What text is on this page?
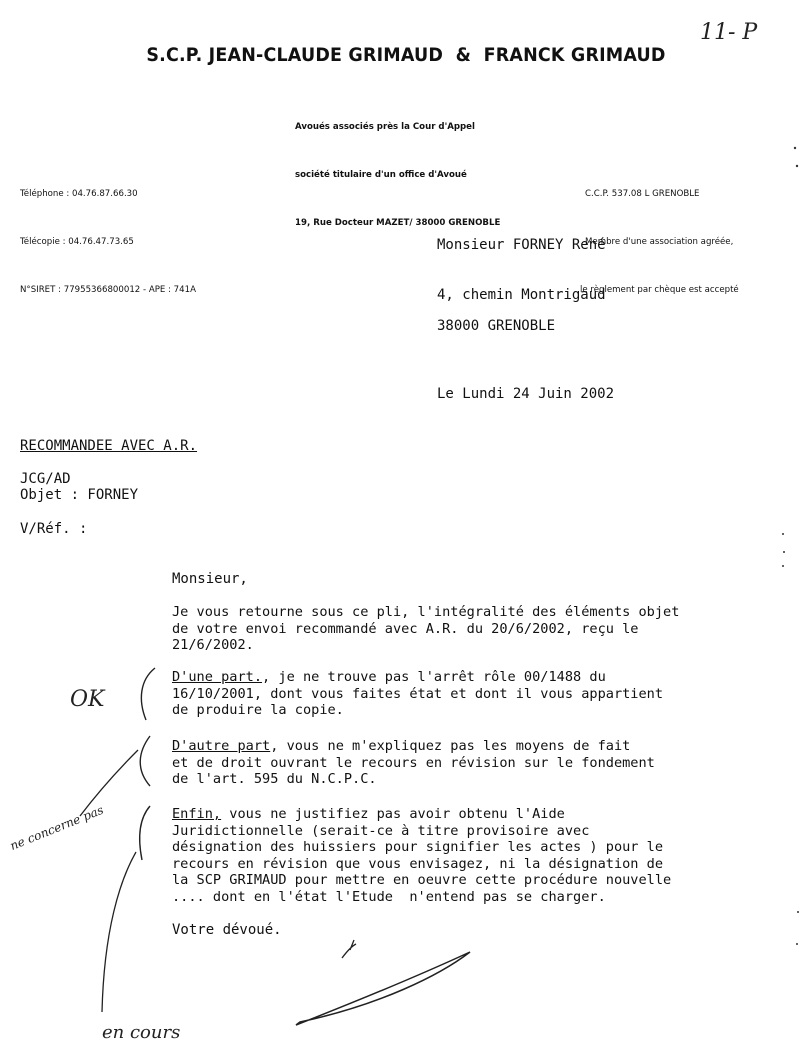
11- P
S.C.P. JEAN-CLAUDE GRIMAUD  &  FRANCK GRIMAUD

Avoués associés près la Cour d'Appel

société titulaire d'un office d'Avoué

19, Rue Docteur MAZET/ 38000 GRENOBLE

Téléphone : 04.76.87.66.30

Télécopie : 04.76.47.73.65

N°SIRET : 77955366800012 - APE : 741A

C.C.P. 537.08 L GRENOBLE

Membre d'une association agréée,

le règlement par chèque est accepté

Monsieur FORNEY René
4, chemin Montrigaud
38000 GRENOBLE
Le Lundi 24 Juin 2002
RECOMMANDEE AVEC A.R.
JCG/AD
Objet : FORNEY
V/Réf. :
Monsieur,
Je vous retourne sous ce pli, l'intégralité des éléments objet
de votre envoi recommandé avec A.R. du 20/6/2002, reçu le
21/6/2002.
D'une part., je ne trouve pas l'arrêt rôle 00/1488 du
16/10/2001, dont vous faites état et dont il vous appartient
de produire la copie.
D'autre part, vous ne m'expliquez pas les moyens de fait
et de droit ouvrant le recours en révision sur le fondement
de l'art. 595 du N.C.P.C.
Enfin, vous ne justifiez pas avoir obtenu l'Aide
Juridictionnelle (serait-ce à titre provisoire avec
désignation des huissiers pour signifier les actes ) pour le
recours en révision que vous envisagez, ni la désignation de
la SCP GRIMAUD pour mettre en oeuvre cette procédure nouvelle
.... dont en l'état l'Etude  n'entend pas se charger.
Votre dévoué.
OK
ne concerne pas
en cours
